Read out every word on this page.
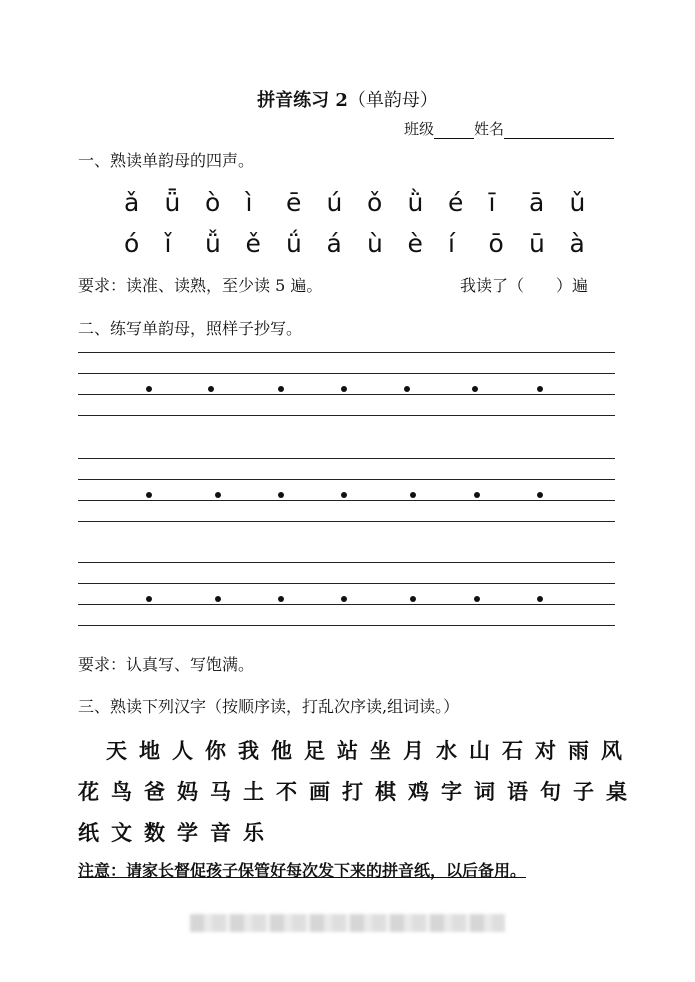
拼音练习 2（单韵母）
班级	姓名
一、熟读单韵母的四声。
ǎ ǖ ò ì ē ú ǒ ǜ é ī ā ǔ
ó ǐ ǚ ě ǘ á ù è í ō ū à
要求：读准、读熟，至少读 5 遍。	我读了（　　）遍
二、练写单韵母，照样子抄写。
要求：认真写、写饱满。
三、熟读下列汉字（按顺序读，打乱次序读,组词读。）
天 地 人 你 我 他 足 站 坐 月 水 山 石 对 雨 风
花 鸟 爸 妈 马 土 不 画 打 棋 鸡 字 词 语 句 子 桌
纸 文 数 学 音 乐
注意：请家长督促孩子保管好每次发下来的拼音纸，以后备用。
